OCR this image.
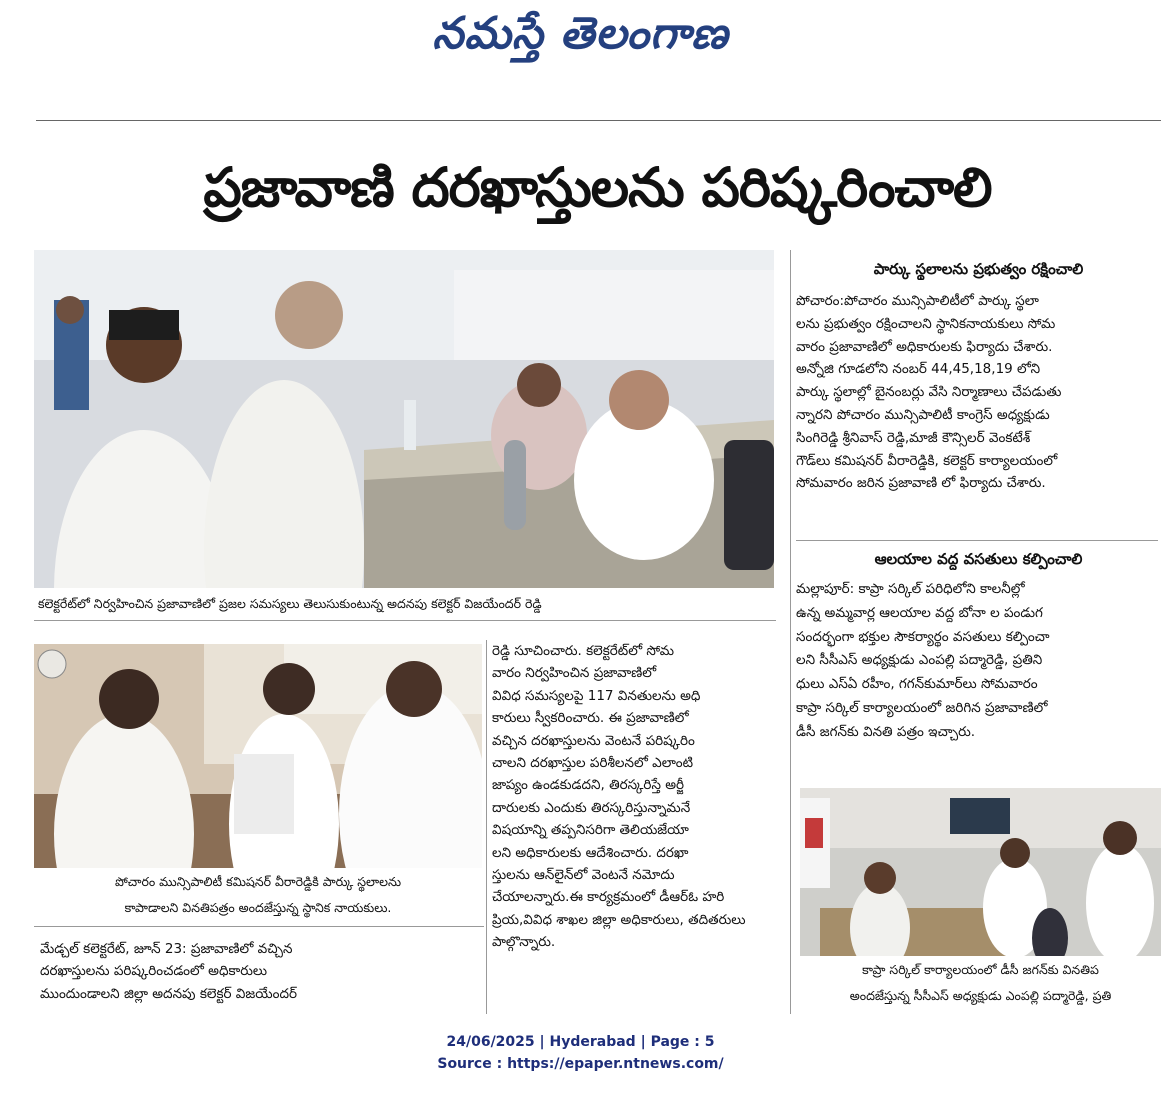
నమస్తే తెలంగాణ
ప్రజావాణి దరఖాస్తులను పరిష్కరించాలి
కలెక్టరేట్‌లో నిర్వహించిన ప్రజావాణిలో ప్రజల సమస్యలు తెలుసుకుంటున్న అదనపు కలెక్టర్ విజయేందర్ రెడ్డి
పోచారం మున్సిపాలిటీ కమిషనర్ వీరారెడ్డికి పార్కు స్థలాలను
కాపాడాలని వినతిపత్రం అందజేస్తున్న స్థానిక నాయకులు.

మేడ్చల్ కలెక్టరేట్, జూన్ 23: ప్రజావాణిలో వచ్చిన

దరఖాస్తులను పరిష్కరించడంలో అధికారులు

ముందుండాలని జిల్లా అదనపు కలెక్టర్ విజయేందర్

రెడ్డి సూచించారు. కలెక్టరేట్‌లో సోమ

వారం నిర్వహించిన ప్రజావాణిలో

వివిధ సమస్యలపై 117 వినతులను అధి

కారులు స్వీకరించారు. ఈ ప్రజావాణిలో

వచ్చిన దరఖాస్తులను వెంటనే పరిష్కరిం

చాలని దరఖాస్తుల పరిశీలనలో ఎలాంటి

జాప్యం ఉండకుడదని, తిరస్కరిస్తే అర్జీ

దారులకు ఎందుకు తిరస్కరిస్తున్నామనే

విషయాన్ని తప్పనిసరిగా తెలియజేయా

లని అధికారులకు ఆదేశించారు. దరఖా

స్తులను ఆన్‌లైన్‌లో వెంటనే నమోదు

చేయాలన్నారు.ఈ కార్యక్రమంలో డీఆర్ఓ హరి

ప్రియ,వివిధ శాఖల జిల్లా అధికారులు, తదితరులు

పాల్గొన్నారు.

పార్కు స్థలాలను ప్రభుత్వం రక్షించాలి

పోచారం:పోచారం మున్సిపాలిటీలో పార్కు స్థలా

లను ప్రభుత్వం రక్షించాలని స్థానికనాయకులు సోమ

వారం ప్రజావాణిలో అధికారులకు ఫిర్యాదు చేశారు.

అన్నోజి గూడలోని నంబర్ 44,45,18,19 లోని

పార్కు స్థలాల్లో బైనంబర్లు వేసి నిర్మాణాలు చేపడుతు

న్నారని పోచారం మున్సిపాలిటీ కాంగ్రెస్ అధ్యక్షుడు

సింగిరెడ్డి శ్రీనివాస్ రెడ్డి,మాజీ కౌన్సిలర్ వెంకటేశ్

గౌడ్‌లు కమిషనర్ వీరారెడ్డికి, కలెక్టర్ కార్యాలయంలో

సోమవారం జరిన ప్రజావాణి లో ఫిర్యాదు చేశారు.

ఆలయాల వద్ద వసతులు కల్పించాలి

మల్లాపూర్: కాప్రా సర్కిల్ పరిధిలోని కాలనీల్లో

ఉన్న అమ్మవార్ల ఆలయాల వద్ద బోనా ల పండుగ

సందర్భంగా భక్తుల సౌకర్యార్థం వసతులు కల్పించా

లని సీసీఎస్ అధ్యక్షుడు ఎంపల్లి పద్మారెడ్డి, ప్రతిని

ధులు ఎస్ఏ రహీం, గగన్‌కుమార్‌లు సోమవారం

కాప్రా సర్కిల్ కార్యాలయంలో జరిగిన ప్రజావాణిలో

డీసీ జగన్‌కు వినతి పత్రం ఇచ్చారు.

కాప్రా సర్కిల్ కార్యాలయంలో డీసీ జగన్‌కు వినతిప
అందజేస్తున్న సీసీఎస్ అధ్యక్షుడు ఎంపల్లి పద్మారెడ్డి, ప్రతి
24/06/2025 | Hyderabad | Page : 5
Source : https://epaper.ntnews.com/
